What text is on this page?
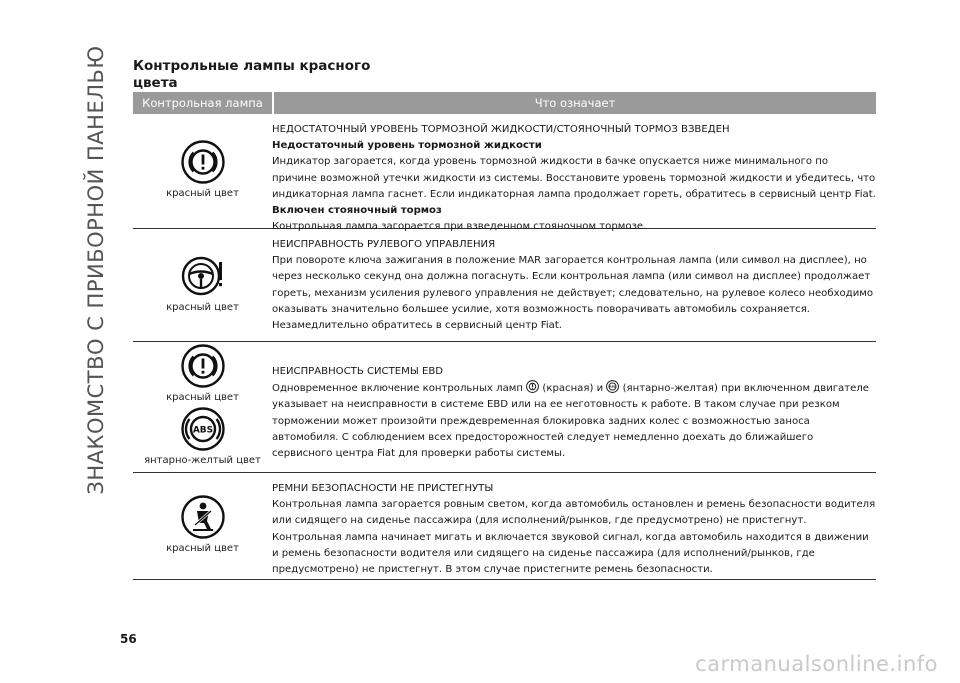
ЗНАКОМСТВО С ПРИБОРНОЙ ПАНЕЛЬЮ Контрольные лампы красного цвета
Контрольная лампа	Что означает
красный цвет
НЕДОСТАТОЧНЫЙ УРОВЕНЬ ТОРМОЗНОЙ ЖИДКОСТИ/СТОЯНОЧНЫЙ ТОРМОЗ ВЗВЕДЕН
Недостаточный уровень тормозной жидкости
Индикатор загорается, когда уровень тормозной жидкости в бачке опускается ниже минимального по причине возможной утечки жидкости из системы. Восстановите уровень тормозной жидкости и убедитесь, что индикаторная лампа гаснет. Если индикаторная лампа продолжает гореть, обратитесь в сервисный центр Fiat.
Включен стояночный тормоз
Контрольная лампа загорается при взведенном стояночном тормозе.
красный цвет
НЕИСПРАВНОСТЬ РУЛЕВОГО УПРАВЛЕНИЯ
При повороте ключа зажигания в положение MAR загорается контрольная лампа (или символ на дисплее), но через несколько секунд она должна погаснуть. Если контрольная лампа (или символ на дисплее) продолжает гореть, механизм усиления рулевого управления не действует; следовательно, на рулевое колесо необходимо оказывать значительно большее усилие, хотя возможность поворачивать автомобиль сохраняется. Незамедлительно обратитесь в сервисный центр Fiat.
красный цвет
ABS
янтарно-желтый цвет
НЕИСПРАВНОСТЬ СИСТЕМЫ EBD
Одновременное включение контрольных ламп (красная) и ABS (янтарно-желтая) при включенном двигателе указывает на неисправности в системе EBD или на ее неготовность к работе. В таком случае при резком торможении может произойти преждевременная блокировка задних колес с возможностью заноса автомобиля. С соблюдением всех предосторожностей следует немедленно доехать до ближайшего сервисного центра Fiat для проверки работы системы.
красный цвет
РЕМНИ БЕЗОПАСНОСТИ НЕ ПРИСТЕГНУТЫ
Контрольная лампа загорается ровным светом, когда автомобиль остановлен и ремень безопасности водителя или сидящего на сиденье пассажира (для исполнений/рынков, где предусмотрено) не пристегнут. Контрольная лампа начинает мигать и включается звуковой сигнал, когда автомобиль находится в движении и ремень безопасности водителя или сидящего на сиденье пассажира (для исполнений/рынков, где предусмотрено) не пристегнут. В этом случае пристегните ремень безопасности.
56
carmanualsonline.info
